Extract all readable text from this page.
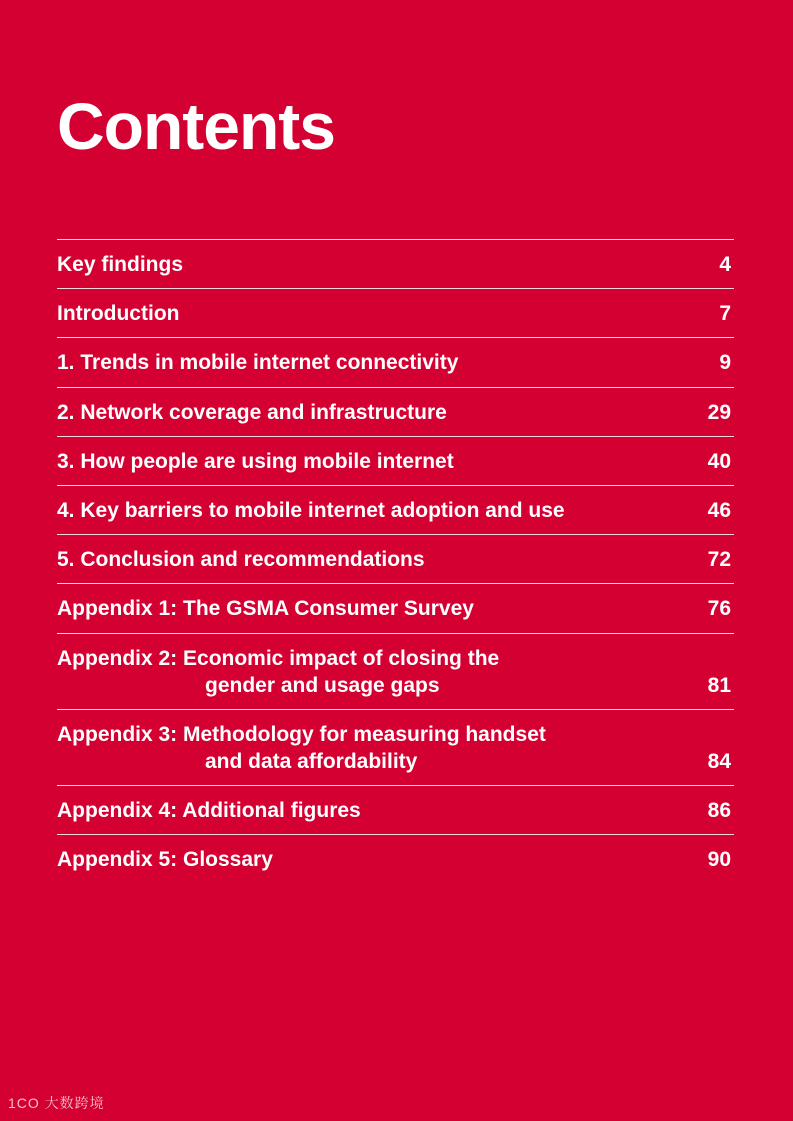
Contents
Key findings	4
Introduction	7
1. Trends in mobile internet connectivity	9
2. Network coverage and infrastructure	29
3. How people are using mobile internet	40
4. Key barriers to mobile internet adoption and use	46
5. Conclusion and recommendations	72
Appendix 1: The GSMA Consumer Survey	76
Appendix 2: Economic impact of closing the
gender and usage gaps	81
Appendix 3: Methodology for measuring handset
and data affordability	84
Appendix 4: Additional figures	86
Appendix 5: Glossary	90
1CO 大数跨境
